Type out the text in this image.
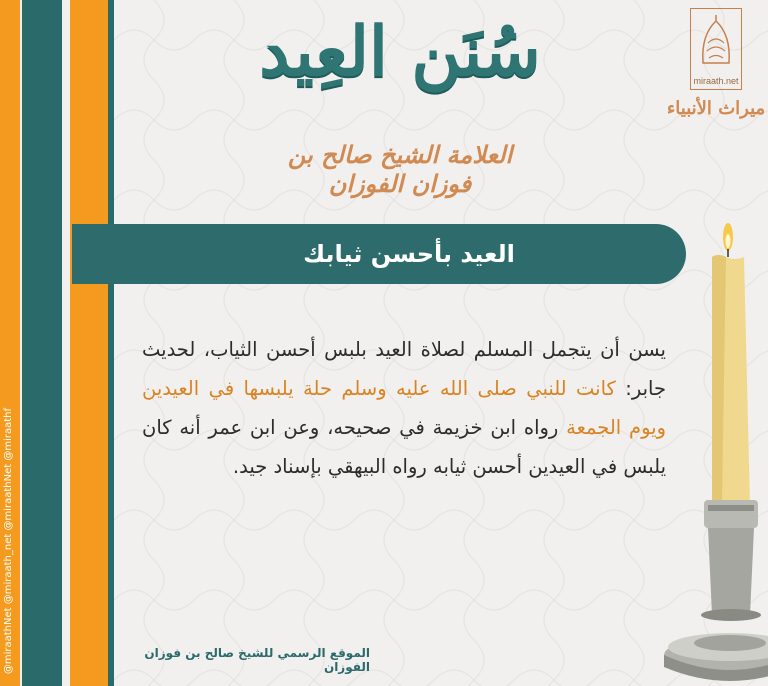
@miraathNet @miraath_net @miraathNet @miraathf
سُنَن العِيد
العلامة الشيخ صالح بن فوزان الفوزان
miraath.net
ميراث الأنبياء
العيد بأحسن ثيابك
يسن أن يتجمل المسلم لصلاة العيد بلبس أحسن الثياب، لحديث جابر: كانت للنبي صلى الله عليه وسلم حلة يلبسها في العيدين ويوم الجمعة رواه ابن خزيمة في صحيحه، وعن ابن عمر أنه كان يلبس في العيدين أحسن ثيابه رواه البيهقي بإسناد جيد.
الموقع الرسمي للشيخ صالح بن فوزان الفوزان
